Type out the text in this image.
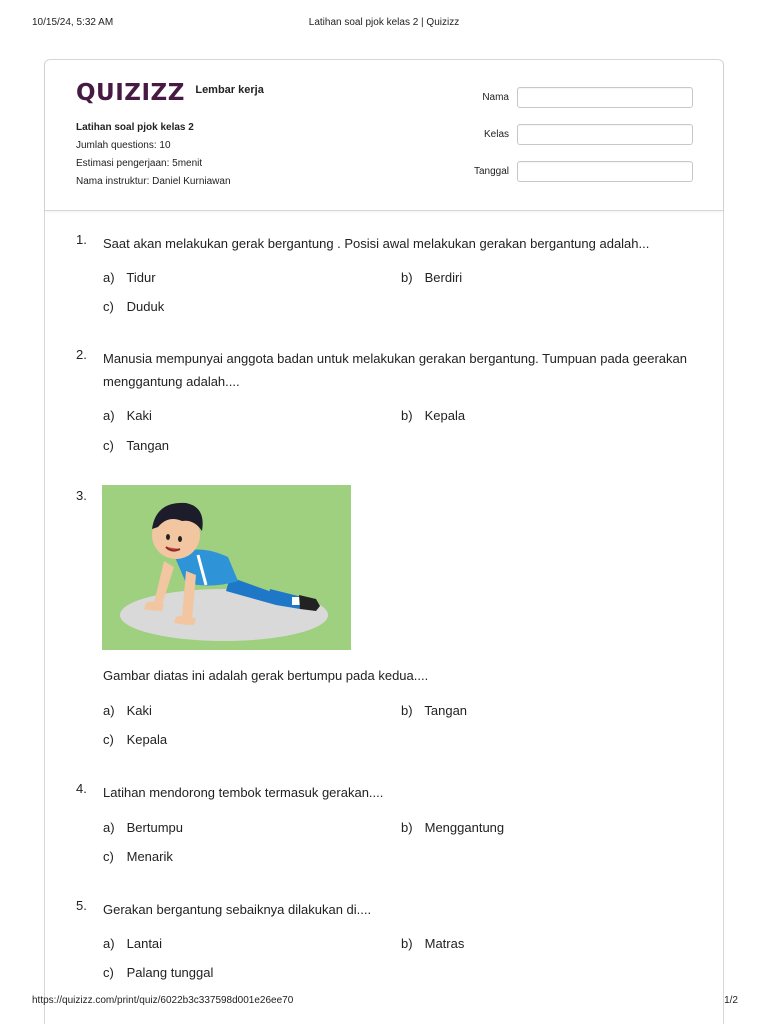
10/15/24, 5:32 AM	Latihan soal pjok kelas 2 | Quizizz
QUIZIZZ Lembar kerja
Latihan soal pjok kelas 2
Jumlah questions: 10
Estimasi pengerjaan: 5menit
Nama instruktur: Daniel Kurniawan
Nama
Kelas
Tanggal
1. Saat akan melakukan gerak bergantung . Posisi awal melakukan gerakan bergantung adalah...
a) Tidur	b) Berdiri
c) Duduk
2. Manusia mempunyai anggota badan untuk melakukan gerakan bergantung. Tumpuan pada geerakan menggantung adalah....
a) Kaki	b) Kepala
c) Tangan
3.
Gambar diatas ini adalah gerak bertumpu pada kedua....
a) Kaki	b) Tangan
c) Kepala
4. Latihan mendorong tembok termasuk gerakan....
a) Bertumpu	b) Menggantung
c) Menarik
5. Gerakan bergantung sebaiknya dilakukan di....
a) Lantai	b) Matras
c) Palang tunggal
https://quizizz.com/print/quiz/6022b3c337598d001e26ee70	1/2
